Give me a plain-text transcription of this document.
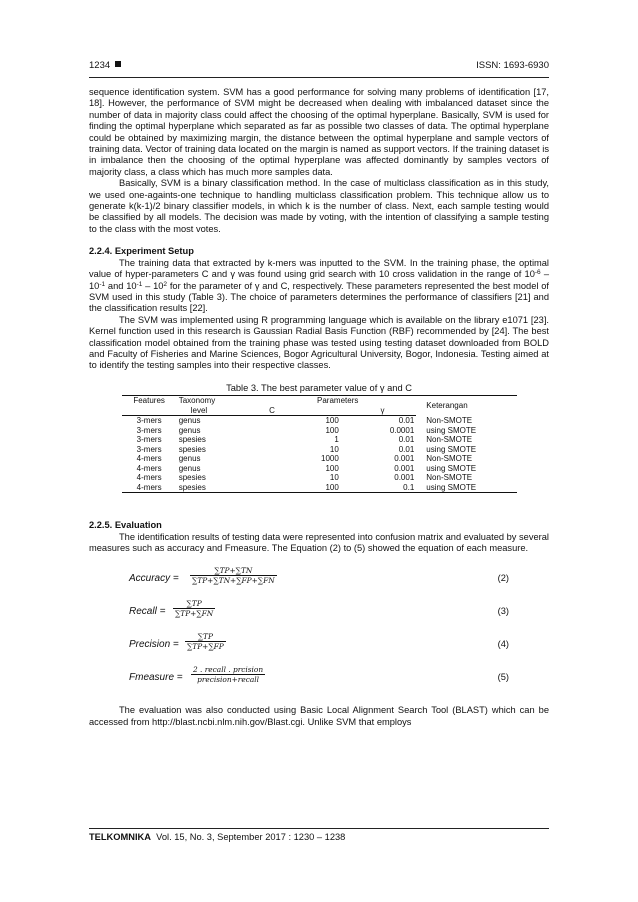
1234	ISSN: 1693-6930

sequence identification system. SVM has a good performance for solving many problems of identification [17, 18]. However, the performance of SVM might be decreased when dealing with imbalanced dataset since the number of data in majority class could affect the choosing of the optimal hyperplane. Basically, SVM is used for finding the optimal hyperplane which separated as far as possible two classes of data. The optimal hyperplane could be obtained by maximizing margin, the distance between the optimal hyperplane and sample vectors of training data. Vector of training data located on the margin is named as support vectors. If the training dataset is in imbalance then the choosing of the optimal hyperplane was affected dominantly by samples vectors of majority class, a class which has much more samples data.

Basically, SVM is a binary classification method. In the case of multiclass classification as in this study, we used one-againts-one technique to handling multiclass classification problem. This technique allow us to generate k(k-1)/2 binary classifier models, in which k is the number of class. Next, each sample testing would be classified by all models. The decision was made by voting, with the intention of classifying a sample testing to the class with the most votes.

2.2.4. Experiment Setup

The training data that extracted by k-mers was inputted to the SVM. In the training phase, the optimal value of hyper-parameters C and γ was found using grid search with 10 cross validation in the range of $10^{-6} - 10^{-1}$ and $10^{-1} - 10^2$ for the parameter of γ and C, respectively. These parameters represented the best model of SVM used in this study (Table 3). The choice of parameters determines the performance of classifiers [21] and the classification results [22].

The SVM was implemented using R programming language which is available on the library e1071 [23]. Kernel function used in this research is Gaussian Radial Basis Function (RBF) recommended by [24]. The best classification model obtained from the training phase was tested using testing dataset downloaded from BOLD and Faculty of Fisheries and Marine Sciences, Bogor Agricultural University, Bogor, Indonesia. Testing aimed at to identify the testing samples into their respective classes.

Table 3. The best parameter value of γ and C
Features	Taxonomy	Parameters		Keterangan
	level	C	γ	
3-mers	genus	100	0.01	Non-SMOTE
3-mers	genus	100	0.0001	using SMOTE
3-mers	spesies	1	0.01	Non-SMOTE
3-mers	spesies	10	0.01	using SMOTE
4-mers	genus	1000	0.001	Non-SMOTE
4-mers	genus	100	0.001	using SMOTE
4-mers	spesies	10	0.001	Non-SMOTE
4-mers	spesies	100	0.1	using SMOTE
2.2.5. Evaluation

The identification results of testing data were represented into confusion matrix and evaluated by several measures such as accuracy and Fmeasure. The Equation (2) to (5) showed the equation of each measure.

Accuracy = $\frac{\sum TP+\sum TN}{\sum TP+\sum TN+\sum FP+\sum FN}$	(2)
Recall = $\frac{\sum TP}{\sum TP+\sum FN}$	(3)
Precision = $\frac{\sum TP}{\sum TP+\sum FP}$	(4)
Fmeasure =
2 . recall . prcision
precision+recall	(5)

The evaluation was also conducted using Basic Local Alignment Search Tool (BLAST) which can be accessed from http://blast.ncbi.nlm.nih.gov/Blast.cgi. Unlike SVM that employs

TELKOMNIKA Vol. 15, No. 3, September 2017 : 1230 – 1238
